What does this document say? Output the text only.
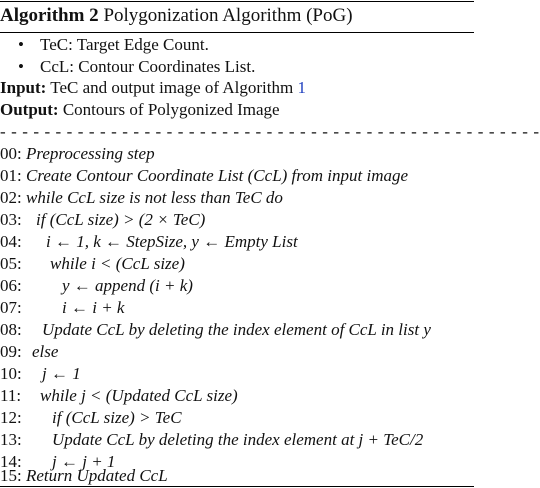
Algorithm 2 Polygonization Algorithm (PoG)
• TeC: Target Edge Count.
• CcL: Contour Coordinates List.
Input: TeC and output image of Algorithm 1
Output: Contours of Polygonized Image
- - - - - - - - - - - - - - - - - - - - - - - - - - - - - - - - - - - - - - - - - - - - - - - - -
00: Preprocessing step
01: Create Contour Coordinate List (CcL) from input image
02: while CcL size is not less than TeC do
03: if (CcL size) > (2 × TeC)
04: i ← 1, k ← StepSize, y ← Empty List
05: while i < (CcL size)
06: y ← append (i + k)
07: i ← i + k
08: Update CcL by deleting the index element of CcL in list y
09: else
10: j ← 1
11: while j < (Updated CcL size)
12: if (CcL size) > TeC
13: Update CcL by deleting the index element at j + TeC/2
14: j ← j + 1
15: Return Updated CcL
